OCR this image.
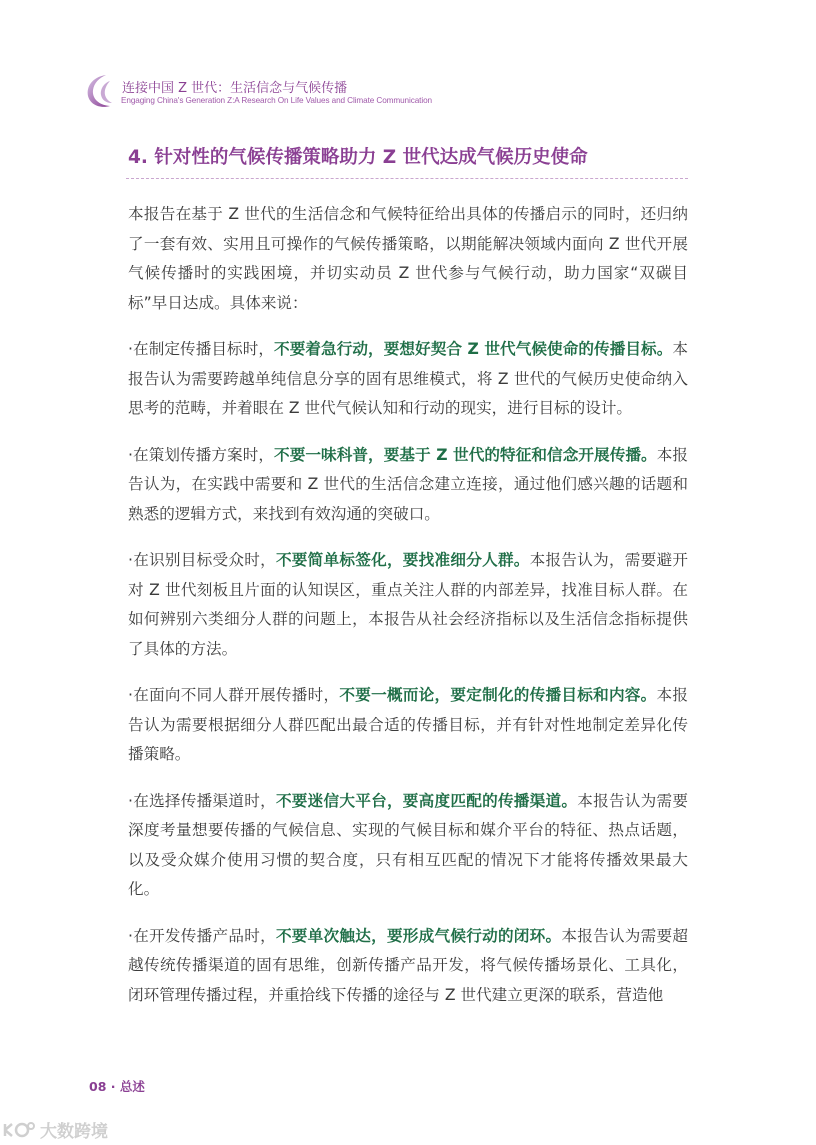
连接中国 Z 世代：生活信念与气候传播
Engaging China's Generation Z:A Research On Life Values and Climate Communication
4. 针对性的气候传播策略助力 Z 世代达成气候历史使命

本报告在基于 Z 世代的生活信念和气候特征给出具体的传播启示的同时，还归纳了一套有效、实用且可操作的气候传播策略，以期能解决领域内面向 Z 世代开展气候传播时的实践困境，并切实动员 Z 世代参与气候行动，助力国家“双碳目标”早日达成。具体来说：

·在制定传播目标时，不要着急行动，要想好契合 Z 世代气候使命的传播目标。本报告认为需要跨越单纯信息分享的固有思维模式，将 Z 世代的气候历史使命纳入思考的范畴，并着眼在 Z 世代气候认知和行动的现实，进行目标的设计。

·在策划传播方案时，不要一味科普，要基于 Z 世代的特征和信念开展传播。本报告认为，在实践中需要和 Z 世代的生活信念建立连接，通过他们感兴趣的话题和熟悉的逻辑方式，来找到有效沟通的突破口。

·在识别目标受众时，不要简单标签化，要找准细分人群。本报告认为，需要避开对 Z 世代刻板且片面的认知误区，重点关注人群的内部差异，找准目标人群。在如何辨别六类细分人群的问题上，本报告从社会经济指标以及生活信念指标提供了具体的方法。

·在面向不同人群开展传播时，不要一概而论，要定制化的传播目标和内容。本报告认为需要根据细分人群匹配出最合适的传播目标，并有针对性地制定差异化传播策略。

·在选择传播渠道时，不要迷信大平台，要高度匹配的传播渠道。本报告认为需要深度考量想要传播的气候信息、实现的气候目标和媒介平台的特征、热点话题，以及受众媒介使用习惯的契合度，只有相互匹配的情况下才能将传播效果最大化。

·在开发传播产品时，不要单次触达，要形成气候行动的闭环。本报告认为需要超越传统传播渠道的固有思维，创新传播产品开发，将气候传播场景化、工具化，闭环管理传播过程，并重拾线下传播的途径与 Z 世代建立更深的联系，营造他

08 · 总述
大数跨境
